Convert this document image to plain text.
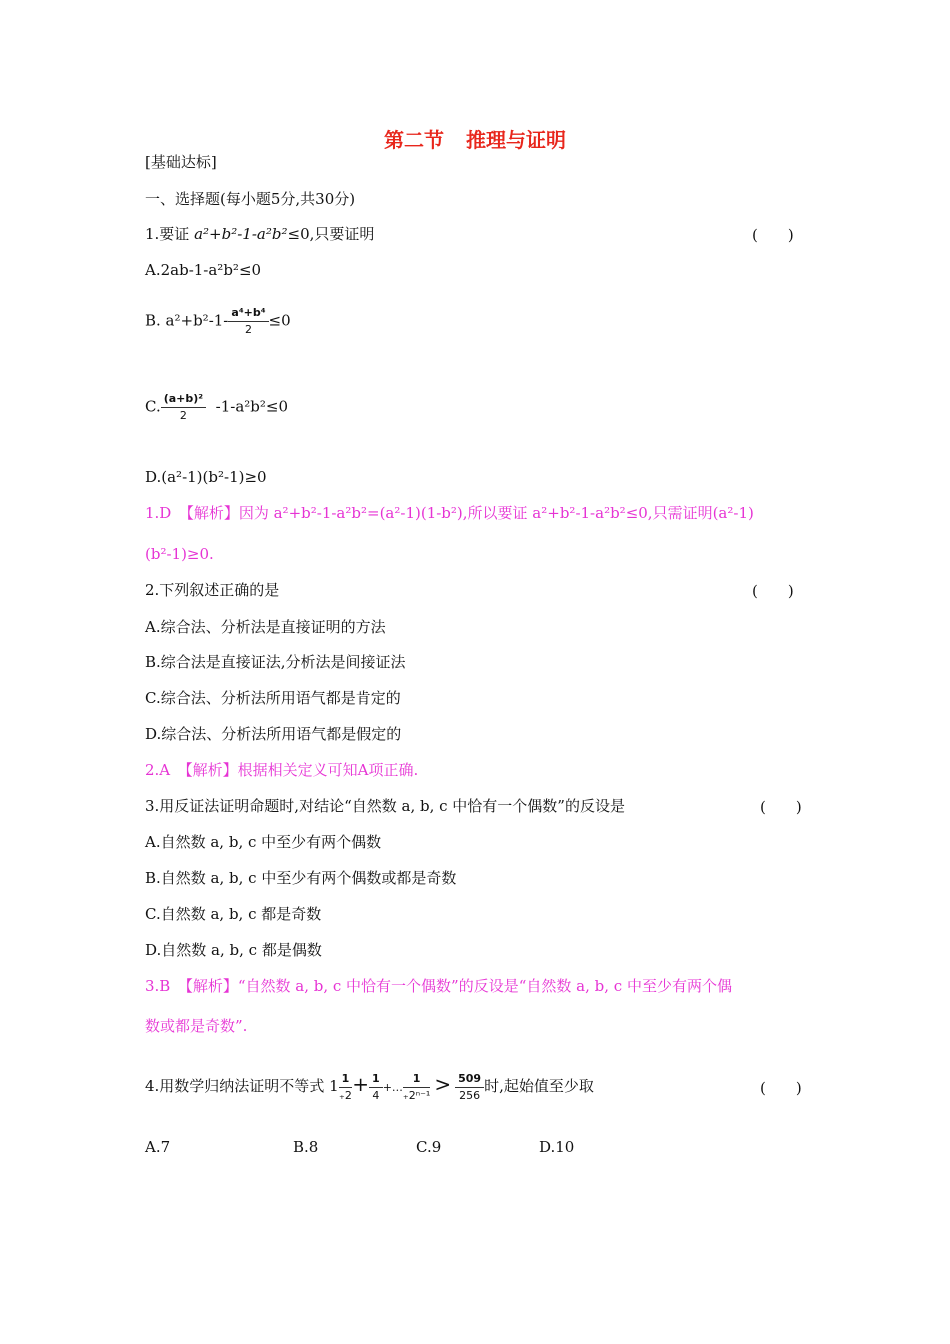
第二节 推理与证明
[基础达标]
一、选择题(每小题5分,共30分)
1.要证 a²+b²-1-a²b²≤0,只要证明	(　　)
A.2ab-1-a²b²≤0
B. $a^2+b^2-1- \frac{\text{a⁴+b⁴}}{2} \le 0$
C. $\frac{\text{(a+b)²}}{2} -1-a^2b^2\le 0$
D.(a²-1)(b²-1)≥0
1.D　【解析】因为 a²+b²-1-a²b²=(a²-1)(1-b²),所以要证 a²+b²-1-a²b²≤0,只需证明(a²-1)
(b²-1)≥0.
2.下列叙述正确的是	(　　)
A.综合法、分析法是直接证明的方法
B.综合法是直接证法,分析法是间接证法
C.综合法、分析法所用语气都是肯定的
D.综合法、分析法所用语气都是假定的
2.A　【解析】根据相关定义可知A项正确.
3.用反证法证明命题时,对结论“自然数 a, b, c 中恰有一个偶数”的反设是	(　　)
A.自然数 a, b, c 中至少有两个偶数
B.自然数 a, b, c 中至少有两个偶数或都是奇数
C.自然数 a, b, c 都是奇数
D.自然数 a, b, c 都是偶数
3.B　【解析】“自然数 a, b, c 中恰有一个偶数”的反设是“自然数 a, b, c 中至少有两个偶
数或都是奇数”.
4.用数学归纳法证明不等式 $1 \frac{1}{_+2} + \frac{1}{4}$ +… $\frac{1}{\text{₊2ⁿ⁻¹}} > \frac{509}{256}$ 时,起始值至少取	(　　)
A.7	B.8	C.9	D.10
